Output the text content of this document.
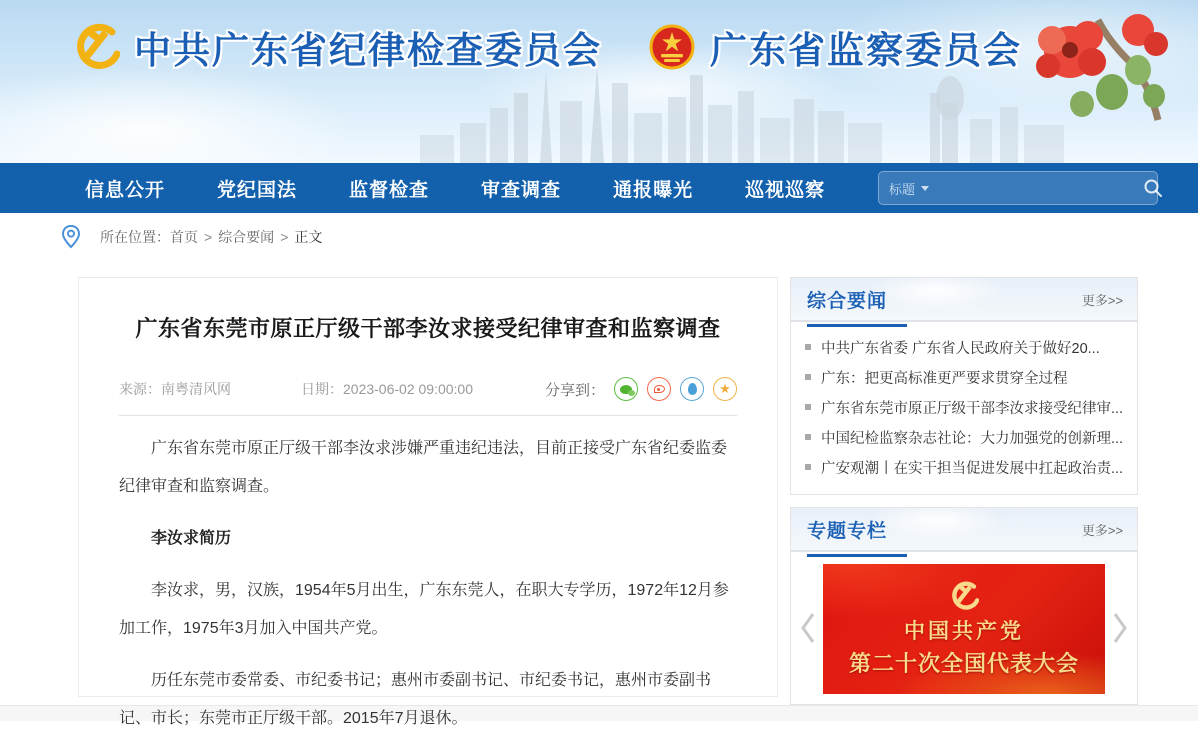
中共广东省纪律检查委员会	广东省监察委员会
信息公开	党纪国法	监督检查	审查调查	通报曝光	巡视巡察	标题
所在位置： 首页 > 综合要闻 > 正文
广东省东莞市原正厅级干部李汝求接受纪律审查和监察调查
来源：南粤清风网	日期：2023-06-02 09:00:00	分享到：	★

广东省东莞市原正厅级干部李汝求涉嫌严重违纪违法，目前正接受广东省纪委监委纪律审查和监察调查。

李汝求简历

李汝求，男，汉族，1954年5月出生，广东东莞人，在职大专学历，1972年12月参加工作，1975年3月加入中国共产党。

历任东莞市委常委、市纪委书记；惠州市委副书记、市纪委书记，惠州市委副书记、市长；东莞市正厅级干部。2015年7月退休。

综合要闻	更多>>
中共广东省委 广东省人民政府关于做好20...
广东：把更高标准更严要求贯穿全过程
广东省东莞市原正厅级干部李汝求接受纪律审...
中国纪检监察杂志社论：大力加强党的创新理...
广安观潮丨在实干担当促进发展中扛起政治责...
专题专栏	更多>>
中国共产党
第二十次全国代表大会
